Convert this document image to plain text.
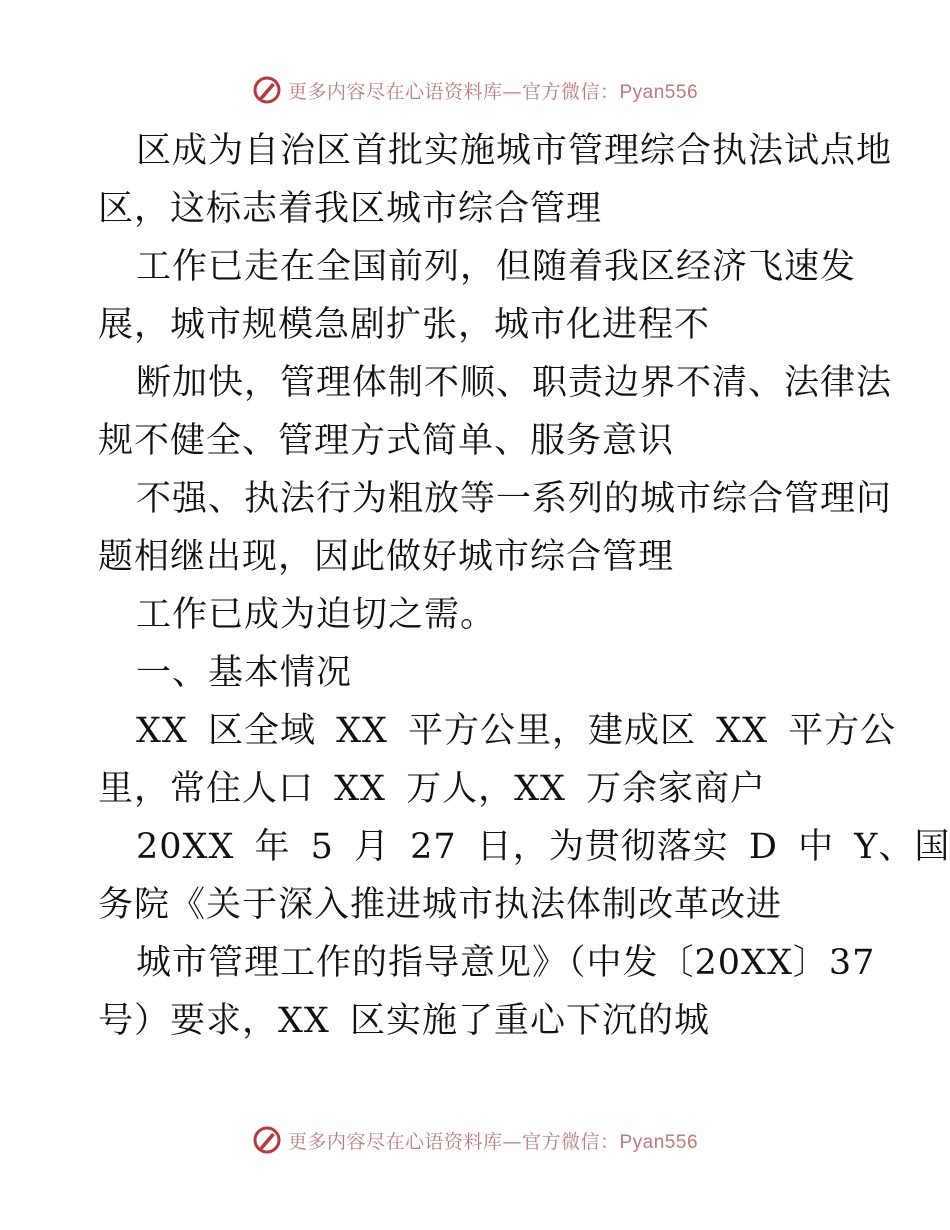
更多内容尽在心语资料库—官方微信：Pyan556
区成为自治区首批实施城市管理综合执法试点地
区，这标志着我区城市综合管理
工作已走在全国前列，但随着我区经济飞速发
展，城市规模急剧扩张，城市化进程不
断加快，管理体制不顺、职责边界不清、法律法
规不健全、管理方式简单、服务意识
不强、执法行为粗放等一系列的城市综合管理问
题相继出现，因此做好城市综合管理
工作已成为迫切之需。
一、基本情况
XX 区全域 XX 平方公里，建成区 XX 平方公
里，常住人口 XX 万人，XX 万余家商户
20XX 年 5 月 27 日，为贯彻落实 D 中 Y、国
务院《关于深入推进城市执法体制改革改进
城市管理工作的指导意见》（中发〔20XX〕37
号）要求，XX 区实施了重心下沉的城
更多内容尽在心语资料库—官方微信：Pyan556
